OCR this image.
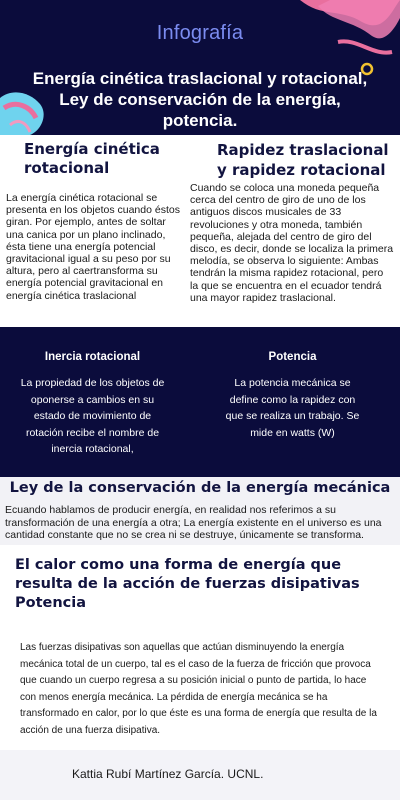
Infografía
Energía cinética traslacional y rotacional, Ley de conservación de la energía, potencia.
Energía cinética rotacional

La energía cinética rotacional se presenta en los objetos cuando éstos giran. Por ejemplo, antes de soltar una canica por un plano inclinado, ésta tiene una energía potencial gravitacional igual a su peso por su altura, pero al caertransforma su energía potencial gravitacional en energía cinética traslacional

Rapidez traslacional y rapidez rotacional

Cuando se coloca una moneda pequeña cerca del centro de giro de uno de los antiguos discos musicales de 33 revoluciones y otra moneda, también pequeña, alejada del centro de giro del disco, es decir, donde se localiza la primera melodía, se observa lo siguiente: Ambas tendrán la misma rapidez rotacional, pero la que se encuentra en el ecuador tendrá una mayor rapidez traslacional.

Inercia rotacional

La propiedad de los objetos de oponerse a cambios en su estado de movimiento de rotación recibe el nombre de inercia rotacional,

Potencia

La potencia mecánica se define como la rapidez con que se realiza un trabajo. Se mide en watts (W)

Ley de la conservación de la energía mecánica

Ecuando hablamos de producir energía, en realidad nos referimos a su transformación de una energía a otra; La energía existente en el universo es una cantidad constante que no se crea ni se destruye, únicamente se transforma.

El calor como una forma de energía que resulta de la acción de fuerzas disipativas Potencia

Las fuerzas disipativas son aquellas que actúan disminuyendo la energía mecánica total de un cuerpo, tal es el caso de la fuerza de fricción que provoca que cuando un cuerpo regresa a su posición inicial o punto de partida, lo hace con menos energía mecánica. La pérdida de energía mecánica se ha transformado en calor, por lo que éste es una forma de energía que resulta de la acción de una fuerza disipativa.

Kattia Rubí Martínez García. UCNL.
